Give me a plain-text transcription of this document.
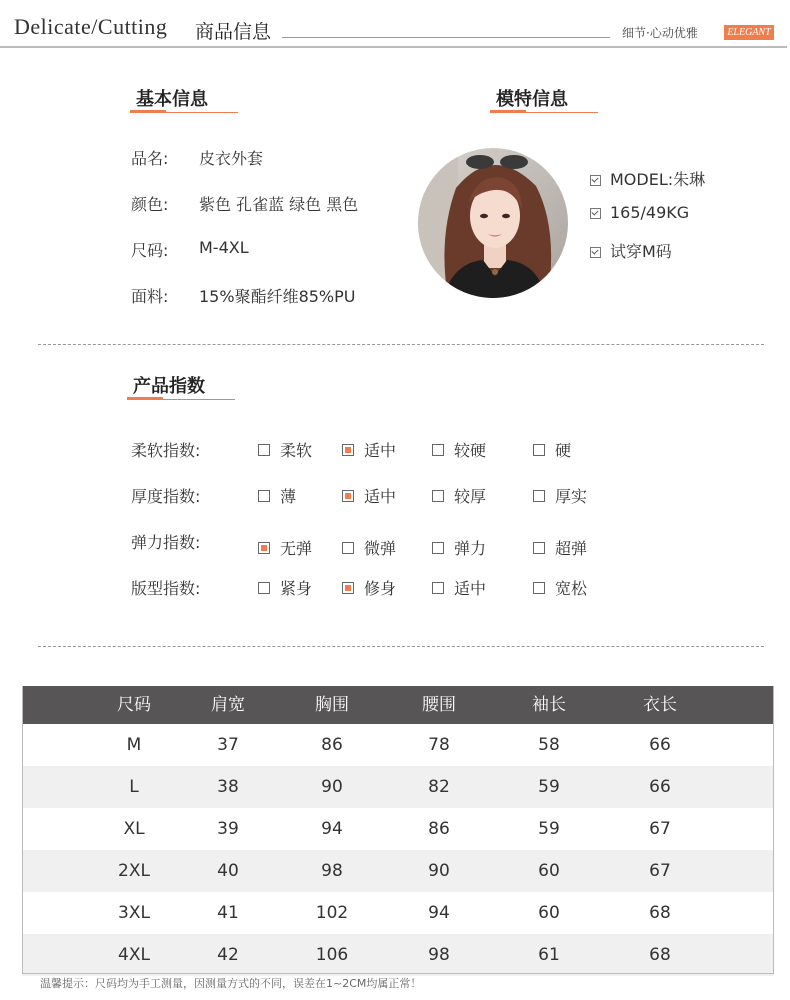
Delicate/Cutting 商品信息	细节·心动优雅	ELEGANT
基本信息
品名: 皮衣外套
颜色: 紫色 孔雀蓝 绿色 黑色
尺码: M-4XL
面料: 15%聚酯纤维85%PU
模特信息
MODEL:朱琳
165/49KG
试穿M码
产品指数
柔软指数:	柔软	适中	较硬	硬
厚度指数:	薄	适中	较厚	厚实
弹力指数:	无弹	微弹	弹力	超弹
版型指数:	紧身	修身	适中	宽松
尺码	肩宽	胸围	腰围	袖长	衣长
M	37	86	78	58	66
L	38	90	82	59	66
XL	39	94	86	59	67
2XL	40	98	90	60	67
3XL	41	102	94	60	68
4XL	42	106	98	61	68
温馨提示：尺码均为手工测量，因测量方式的不同，误差在1~2CM均属正常！
